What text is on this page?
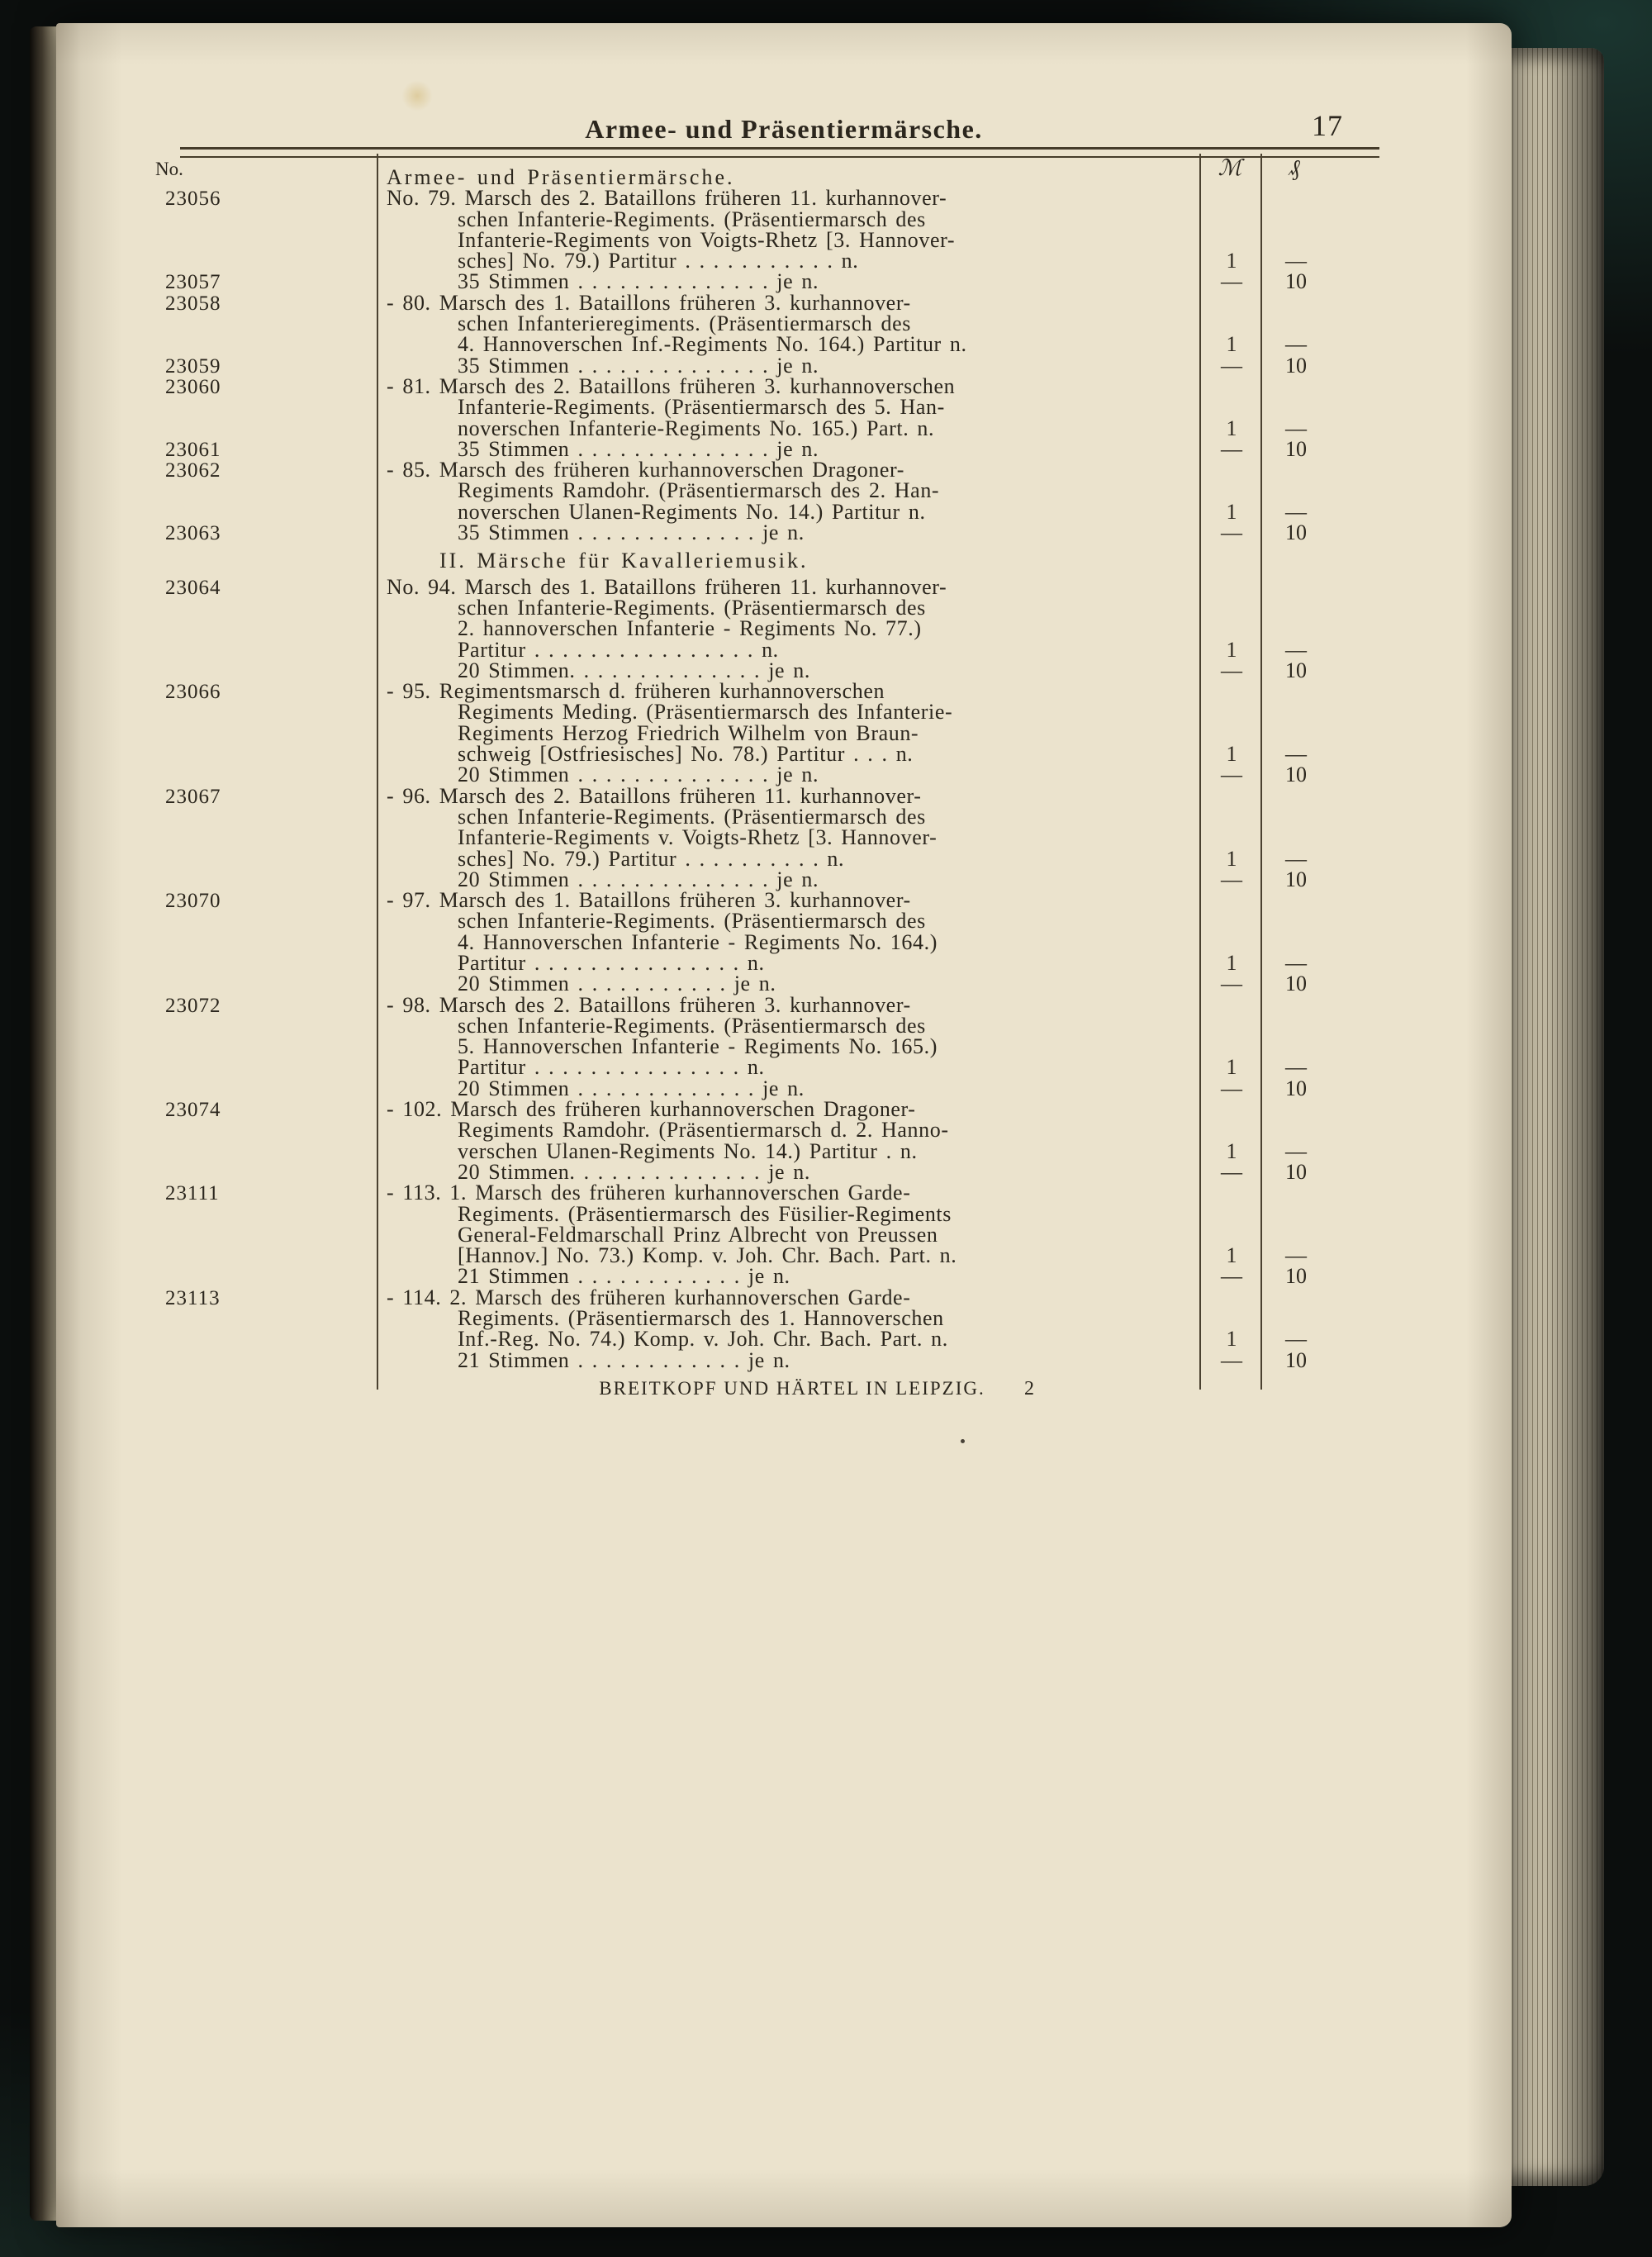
Armee- und Präsentiermärsche.	17
No.	ℳ	₰
Armee- und Präsentiermärsche.
23056	No. 79. Marsch des 2. Bataillons früheren 11. kurhannover-
schen Infanterie-Regiments. (Präsentiermarsch des
Infanterie-Regiments von Voigts-Rhetz [3. Hannover-
sches] No. 79.) Partitur . . . . . . . . . . . n.	1	—
23057	35 Stimmen . . . . . . . . . . . . . . je n.	—	10
23058	- 80. Marsch des 1. Bataillons früheren 3. kurhannover-
schen Infanterieregiments. (Präsentiermarsch des
4. Hannoverschen Inf.-Regiments No. 164.) Partitur n.	1	—
23059	35 Stimmen . . . . . . . . . . . . . . je n.	—	10
23060	- 81. Marsch des 2. Bataillons früheren 3. kurhannoverschen
Infanterie-Regiments. (Präsentiermarsch des 5. Han-
noverschen Infanterie-Regiments No. 165.) Part. n.	1	—
23061	35 Stimmen . . . . . . . . . . . . . . je n.	—	10
23062	- 85. Marsch des früheren kurhannoverschen Dragoner-
Regiments Ramdohr. (Präsentiermarsch des 2. Han-
noverschen Ulanen-Regiments No. 14.) Partitur n.	1	—
23063	35 Stimmen . . . . . . . . . . . . . je n.	—	10
II. Märsche für Kavalleriemusik.
23064	No. 94. Marsch des 1. Bataillons früheren 11. kurhannover-
schen Infanterie-Regiments. (Präsentiermarsch des
2. hannoverschen Infanterie - Regiments No. 77.)
Partitur . . . . . . . . . . . . . . . . n.	1	—
20 Stimmen. . . . . . . . . . . . . . je n.	—	10
23066	- 95. Regimentsmarsch d. früheren kurhannoverschen
Regiments Meding. (Präsentiermarsch des Infanterie-
Regiments Herzog Friedrich Wilhelm von Braun-
schweig [Ostfriesisches] No. 78.) Partitur . . . n.	1	—
20 Stimmen . . . . . . . . . . . . . . je n.	—	10
23067	- 96. Marsch des 2. Bataillons früheren 11. kurhannover-
schen Infanterie-Regiments. (Präsentiermarsch des
Infanterie-Regiments v. Voigts-Rhetz [3. Hannover-
sches] No. 79.) Partitur . . . . . . . . . . n.	1	—
20 Stimmen . . . . . . . . . . . . . . je n.	—	10
23070	- 97. Marsch des 1. Bataillons früheren 3. kurhannover-
schen Infanterie-Regiments. (Präsentiermarsch des
4. Hannoverschen Infanterie - Regiments No. 164.)
Partitur . . . . . . . . . . . . . . . n.	1	—
20 Stimmen . . . . . . . . . . . je n.	—	10
23072	- 98. Marsch des 2. Bataillons früheren 3. kurhannover-
schen Infanterie-Regiments. (Präsentiermarsch des
5. Hannoverschen Infanterie - Regiments No. 165.)
Partitur . . . . . . . . . . . . . . . n.	1	—
20 Stimmen . . . . . . . . . . . . . je n.	—	10
23074	- 102. Marsch des früheren kurhannoverschen Dragoner-
Regiments Ramdohr. (Präsentiermarsch d. 2. Hanno-
verschen Ulanen-Regiments No. 14.) Partitur . n.	1	—
20 Stimmen. . . . . . . . . . . . . . je n.	—	10
23111	- 113. 1. Marsch des früheren kurhannoverschen Garde-
Regiments. (Präsentiermarsch des Füsilier-Regiments
General-Feldmarschall Prinz Albrecht von Preussen
[Hannov.] No. 73.) Komp. v. Joh. Chr. Bach. Part. n.	1	—
21 Stimmen . . . . . . . . . . . . je n.	—	10
23113	- 114. 2. Marsch des früheren kurhannoverschen Garde-
Regiments. (Präsentiermarsch des 1. Hannoverschen
Inf.-Reg. No. 74.) Komp. v. Joh. Chr. Bach. Part. n.	1	—
21 Stimmen . . . . . . . . . . . . je n.	—	10
BREITKOPF UND HÄRTEL IN LEIPZIG.	2
